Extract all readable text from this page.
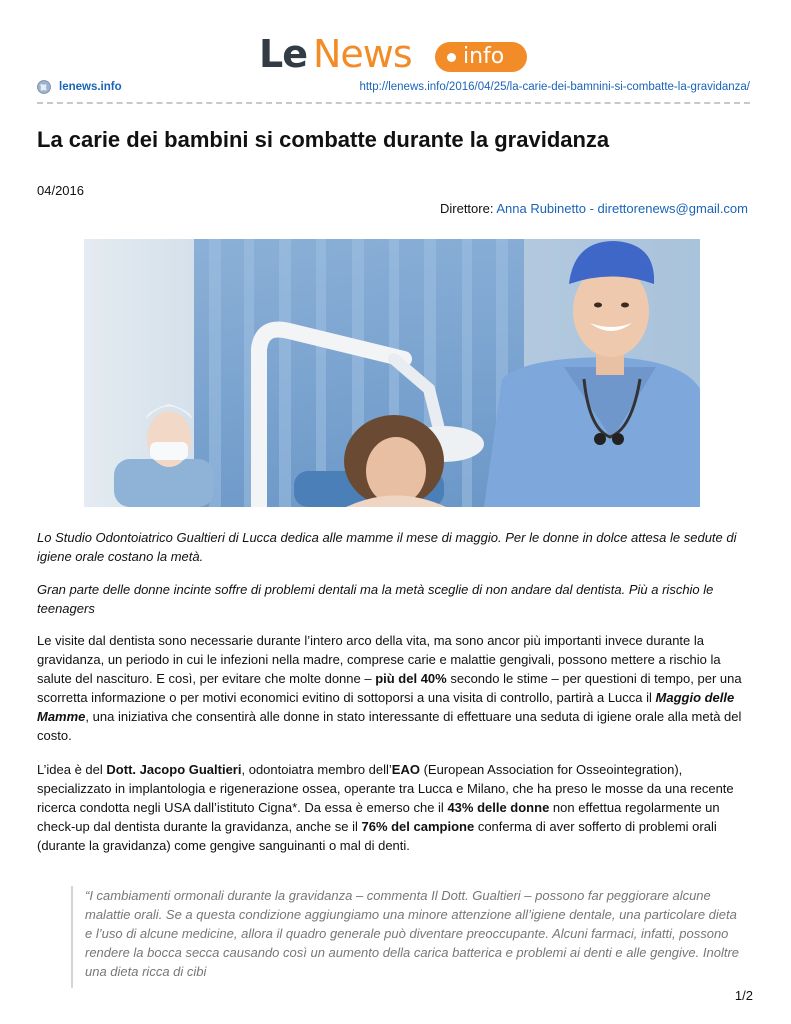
Le News info
lenews.info	http://lenews.info/2016/04/25/la-carie-dei-bamnini-si-combatte-la-gravidanza/
La carie dei bambini si combatte durante la gravidanza
04/2016
Direttore: Anna Rubinetto - direttorenews@gmail.com
Lo Studio Odontoiatrico Gualtieri di Lucca dedica alle mamme il mese di maggio. Per le donne in dolce attesa le sedute di igiene orale costano la metà.
Gran parte delle donne incinte soffre di problemi dentali ma la metà sceglie di non andare dal dentista. Più a rischio le teenagers
Le visite dal dentista sono necessarie durante l’intero arco della vita, ma sono ancor più importanti invece durante la gravidanza, un periodo in cui le infezioni nella madre, comprese carie e malattie gengivali, possono mettere a rischio la salute del nascituro. E così, per evitare che molte donne – più del 40% secondo le stime – per questioni di tempo, per una scorretta informazione o per motivi economici evitino di sottoporsi a una visita di controllo, partirà a Lucca il Maggio delle Mamme, una iniziativa che consentirà alle donne in stato interessante di effettuare una seduta di igiene orale alla metà del costo.
L’idea è del Dott. Jacopo Gualtieri, odontoiatra membro dell’EAO (European Association for Osseointegration), specializzato in implantologia e rigenerazione ossea, operante tra Lucca e Milano, che ha preso le mosse da una recente ricerca condotta negli USA dall’istituto Cigna*. Da essa è emerso che il 43% delle donne non effettua regolarmente un check-up dal dentista durante la gravidanza, anche se il 76% del campione conferma di aver sofferto di problemi orali (durante la gravidanza) come gengive sanguinanti o mal di denti.
“I cambiamenti ormonali durante la gravidanza – commenta Il Dott. Gualtieri – possono far peggiorare alcune malattie orali. Se a questa condizione aggiungiamo una minore attenzione all’igiene dentale, una particolare dieta e l’uso di alcune medicine, allora il quadro generale può diventare preoccupante. Alcuni farmaci, infatti, possono rendere la bocca secca causando così un aumento della carica batterica e problemi ai denti e alle gengive. Inoltre una dieta ricca di cibi
1/2
